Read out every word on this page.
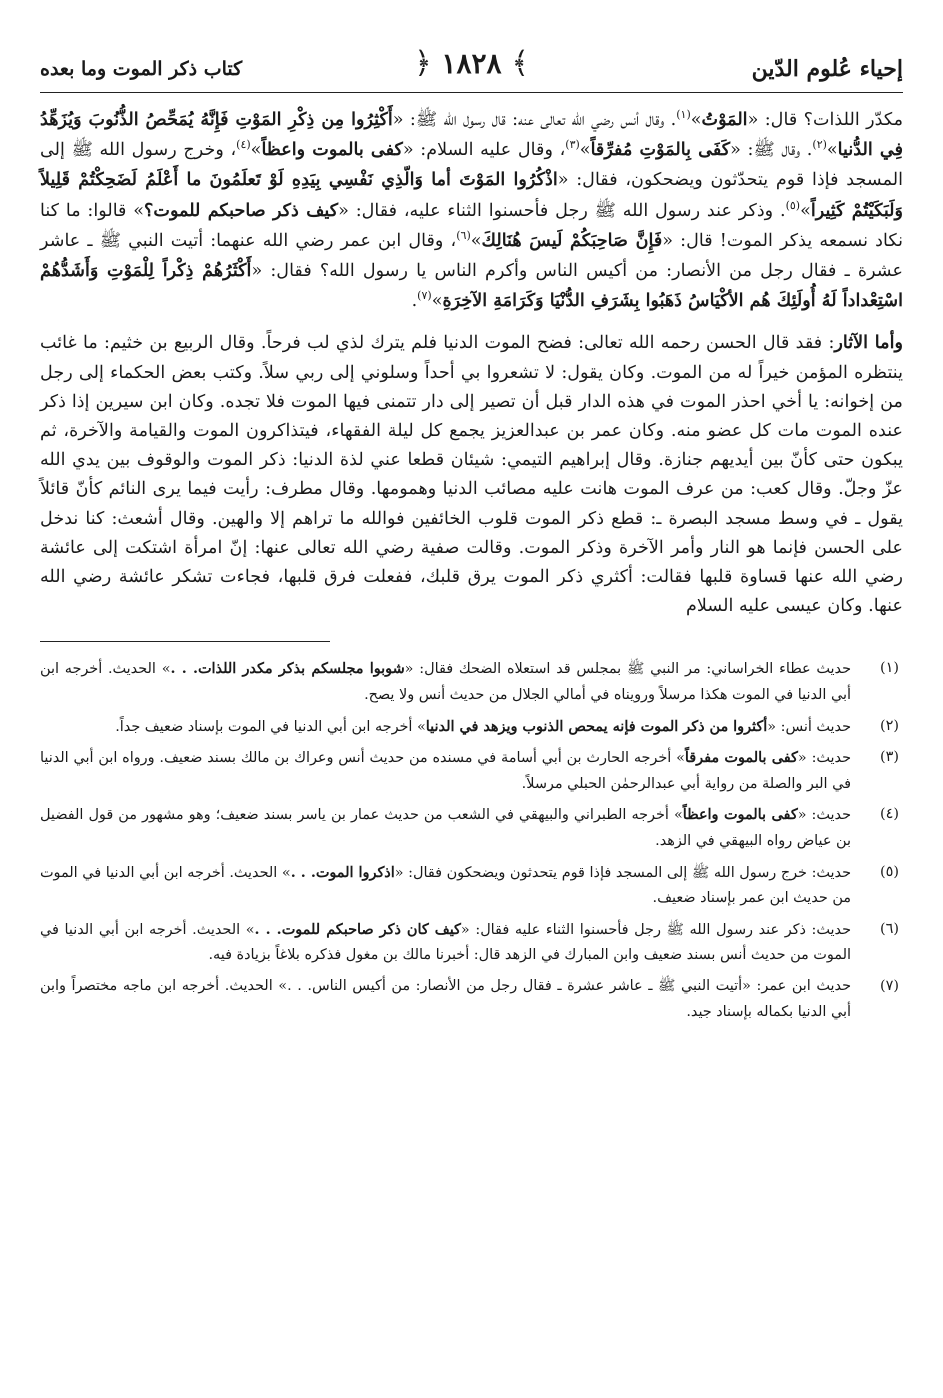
إحياء عُلوم الدّين
﴾ ١٨٢٨ ﴿
كتاب ذكر الموت وما بعده

مكدّر اللذات؟ قال: «المَوْتُ»$^{(١)}$. وقال أنس رضي الله تعالى عنه: قال رسول الله ﷺ: «أَكْثِرُوا مِن ذِكْرِ المَوْتِ فَإِنَّهُ يُمَحِّصُ الذُّنُوبَ وَيُزَهِّدُ فِي الدُّنيا»$^{(٢)}$. وقال ﷺ: «كَفَى بِالمَوْتِ مُفرِّقاً»$^{(٣)}$، وقال عليه السلام: «كفى بالموت واعظاً»$^{(٤)}$، وخرج رسول الله ﷺ إلى المسجد فإذا قوم يتحدّثون ويضحكون، فقال: «اذْكُرُوا المَوْتَ أما وَالّذِي نَفْسِي بِيَدِهِ لَوْ تَعلَمُونَ ما أَعْلَمُ لَضَحِكْتُمْ قَلِيلاً وَلَبَكَيْتُمْ كَثِيراً»$^{(٥)}$. وذكر عند رسول الله ﷺ رجل فأحسنوا الثناء عليه، فقال: «كيف ذكر صاحبكم للموت؟» قالوا: ما كنا نكاد نسمعه يذكر الموت! قال: «فَإِنَّ صَاحِبَكُمْ لَيسَ هُنَالِكَ»$^{(٦)}$، وقال ابن عمر رضي الله عنهما: أتيت النبي ﷺ ـ عاشر عشرة ـ فقال رجل من الأنصار: من أكيس الناس وأكرم الناس يا رسول الله؟ فقال: «أَكْثَرُهُمْ ذِكْراً لِلْمَوْتِ وَأَشَدُّهُمْ اسْتِعْداداً لَهُ أُولَئِكَ هُم الأكْيَاسُ ذَهَبُوا بِشَرَفِ الدُّنْيَا وَكَرَامَةِ الآخِرَةِ»$^{(٧)}$.

وأما الآثار: فقد قال الحسن رحمه الله تعالى: فضح الموت الدنيا فلم يترك لذي لب فرحاً. وقال الربيع بن خثيم: ما غائب ينتظره المؤمن خيراً له من الموت. وكان يقول: لا تشعروا بي أحداً وسلوني إلى ربي سلاً. وكتب بعض الحكماء إلى رجل من إخوانه: يا أخي احذر الموت في هذه الدار قبل أن تصير إلى دار تتمنى فيها الموت فلا تجده. وكان ابن سيرين إذا ذكر عنده الموت مات كل عضو منه. وكان عمر بن عبدالعزيز يجمع كل ليلة الفقهاء، فيتذاكرون الموت والقيامة والآخرة، ثم يبكون حتى كأنّ بين أيديهم جنازة. وقال إبراهيم التيمي: شيئان قطعا عني لذة الدنيا: ذكر الموت والوقوف بين يدي الله عزّ وجلّ. وقال كعب: من عرف الموت هانت عليه مصائب الدنيا وهمومها. وقال مطرف: رأيت فيما يرى النائم كأنّ قائلاً يقول ـ في وسط مسجد البصرة ـ: قطع ذكر الموت قلوب الخائفين فوالله ما تراهم إلا والهين. وقال أشعث: كنا ندخل على الحسن فإنما هو النار وأمر الآخرة وذكر الموت. وقالت صفية رضي الله تعالى عنها: إنّ امرأة اشتكت إلى عائشة رضي الله عنها قساوة قلبها فقالت: أكثري ذكر الموت يرق قلبك، ففعلت فرق قلبها، فجاءت تشكر عائشة رضي الله عنها. وكان عيسى عليه السلام

(١)
حديث عطاء الخراساني: مر النبي ﷺ بمجلس قد استعلاه الضحك فقال: «شوبوا مجلسكم بذكر مكدر اللذات. . .» الحديث. أخرجه ابن أبي الدنيا في الموت هكذا مرسلاً ورويناه في أمالي الجلال من حديث أنس ولا يصح.
(٢)
حديث أنس: «أكثروا من ذكر الموت فإنه يمحص الذنوب ويزهد في الدنيا» أخرجه ابن أبي الدنيا في الموت بإسناد ضعيف جداً.
(٣)
حديث: «كفى بالموت مفرقاً» أخرجه الحارث بن أبي أسامة في مسنده من حديث أنس وعراك بن مالك بسند ضعيف. ورواه ابن أبي الدنيا في البر والصلة من رواية أبي عبدالرحمٰن الحبلي مرسلاً.
(٤)
حديث: «كفى بالموت واعظاً» أخرجه الطبراني والبيهقي في الشعب من حديث عمار بن ياسر بسند ضعيف؛ وهو مشهور من قول الفضيل بن عياض رواه البيهقي في الزهد.
(٥)
حديث: خرج رسول الله ﷺ إلى المسجد فإذا قوم يتحدثون ويضحكون فقال: «اذكروا الموت. . .» الحديث. أخرجه ابن أبي الدنيا في الموت من حديث ابن عمر بإسناد ضعيف.
(٦)
حديث: ذكر عند رسول الله ﷺ رجل فأحسنوا الثناء عليه فقال: «كيف كان ذكر صاحبكم للموت. . .» الحديث. أخرجه ابن أبي الدنيا في الموت من حديث أنس بسند ضعيف وابن المبارك في الزهد قال: أخبرنا مالك بن مغول فذكره بلاغاً بزيادة فيه.
(٧)
حديث ابن عمر: «أتيت النبي ﷺ ـ عاشر عشرة ـ فقال رجل من الأنصار: من أكيس الناس. . .» الحديث. أخرجه ابن ماجه مختصراً وابن أبي الدنيا بكماله بإسناد جيد.
